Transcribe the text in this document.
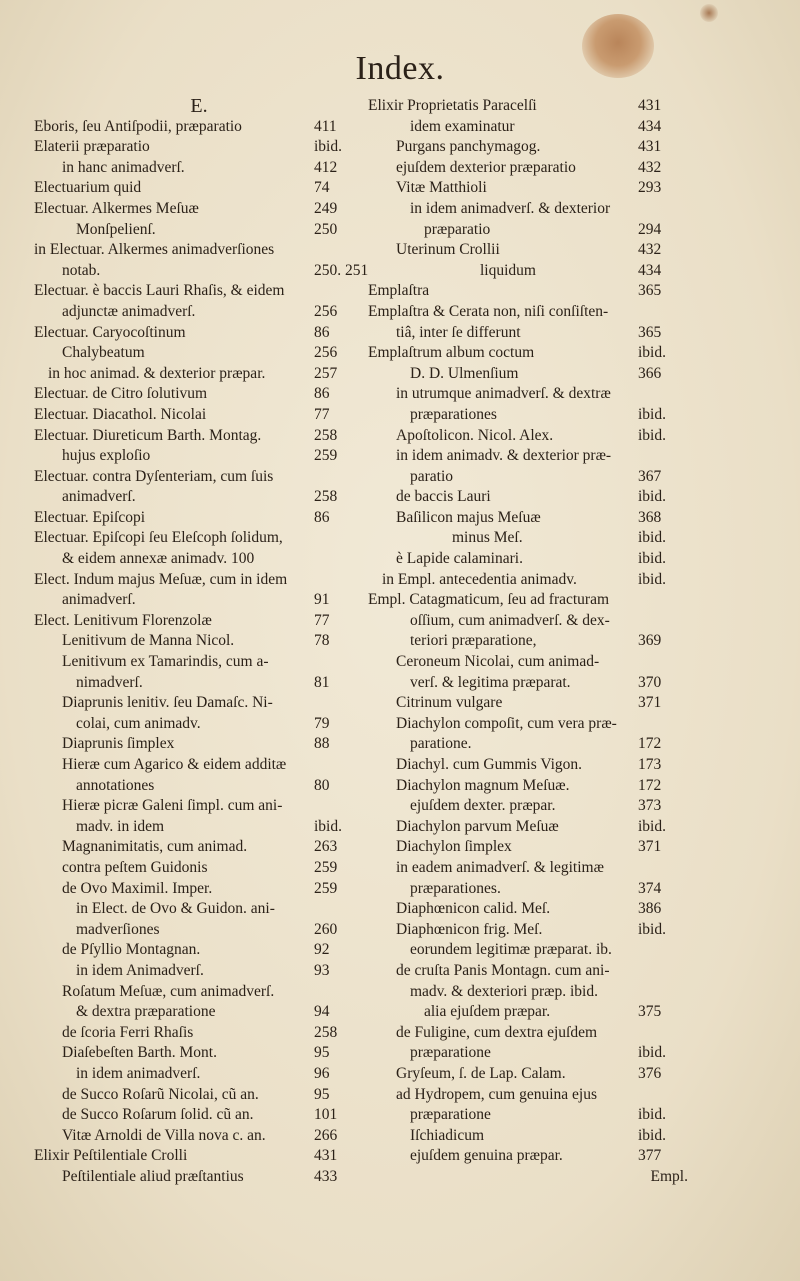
Index.
E.
Eboris, ſeu Antiſpodii, præparatio	411
Elaterii præparatio	ibid.
in hanc animadverſ.	412
Electuarium quid	74
Electuar. Alkermes Meſuæ	249
Monſpelienſ.	250
in Electuar. Alkermes animadverſiones
notab.	250. 251
Electuar. è baccis Lauri Rhaſis, & eidem
adjunctæ animadverſ.	256
Electuar. Caryocoſtinum	86
Chalybeatum	256
in hoc animad. & dexterior præpar.	257
Electuar. de Citro ſolutivum	86
Electuar. Diacathol. Nicolai	77
Electuar. Diureticum Barth. Montag.	258
hujus exploſio	259
Electuar. contra Dyſenteriam, cum ſuis
animadverſ.	258
Electuar. Epiſcopi	86
Electuar. Epiſcopi ſeu Eleſcoph ſolidum,
& eidem annexæ animadv. 100
Elect. Indum majus Meſuæ, cum in idem
animadverſ.	91
Elect. Lenitivum Florenzolæ	77
Lenitivum de Manna Nicol.	78
Lenitivum ex Tamarindis, cum a-
nimadverſ.	81
Diaprunis lenitiv. ſeu Damaſc. Ni-
colai, cum animadv.	79
Diaprunis ſimplex	88
Hieræ cum Agarico & eidem additæ
annotationes	80
Hieræ picræ Galeni ſimpl. cum ani-
madv. in idem	ibid.
Magnanimitatis, cum animad.	263
contra peſtem Guidonis	259
de Ovo Maximil. Imper.	259
in Elect. de Ovo & Guidon. ani-
madverſiones	260
de Pſyllio Montagnan.	92
in idem Animadverſ.	93
Roſatum Meſuæ, cum animadverſ.
& dextra præparatione	94
de ſcoria Ferri Rhaſis	258
Diaſebeſten Barth. Mont.	95
in idem animadverſ.	96
de Succo Roſarũ Nicolai, cũ an.	95
de Succo Roſarum ſolid. cũ an.	101
Vitæ Arnoldi de Villa nova c. an.	266
Elixir Peſtilentiale Crolli	431
Peſtilentiale aliud præſtantius	433
Elixir Proprietatis Paracelſi	431
idem examinatur	434
Purgans panchymagog.	431
ejuſdem dexterior præparatio	432
Vitæ Matthioli	293
in idem animadverſ. & dexterior
præparatio	294
Uterinum Crollii	432
liquidum	434
Emplaſtra	365
Emplaſtra & Cerata non, niſi conſiſten-
tiâ, inter ſe differunt	365
Emplaſtrum album coctum	ibid.
D. D. Ulmenſium	366
in utrumque animadverſ. & dextræ
præparationes	ibid.
Apoſtolicon. Nicol. Alex.	ibid.
in idem animadv. & dexterior præ-
paratio	367
de baccis Lauri	ibid.
Baſilicon majus Meſuæ	368
minus Meſ.	ibid.
è Lapide calaminari.	ibid.
in Empl. antecedentia animadv.	ibid.
Empl. Catagmaticum, ſeu ad fracturam
oſſium, cum animadverſ. & dex-
teriori præparatione,	369
Ceroneum Nicolai, cum animad-
verſ. & legitima præparat.	370
Citrinum vulgare	371
Diachylon compoſit, cum vera præ-
paratione.	172
Diachyl. cum Gummis Vigon.	173
Diachylon magnum Meſuæ.	172
ejuſdem dexter. præpar.	373
Diachylon parvum Meſuæ	ibid.
Diachylon ſimplex	371
in eadem animadverſ. & legitimæ
præparationes.	374
Diaphœnicon calid. Meſ.	386
Diaphœnicon frig. Meſ.	ibid.
eorundem legitimæ præparat. ib.
de cruſta Panis Montagn. cum ani-
madv. & dexteriori præp. ibid.
alia ejuſdem præpar.	375
de Fuligine, cum dextra ejuſdem
præparatione	ibid.
Gryſeum, ſ. de Lap. Calam.	376
ad Hydropem, cum genuina ejus
præparatione	ibid.
Iſchiadicum	ibid.
ejuſdem genuina præpar.	377
Empl.
